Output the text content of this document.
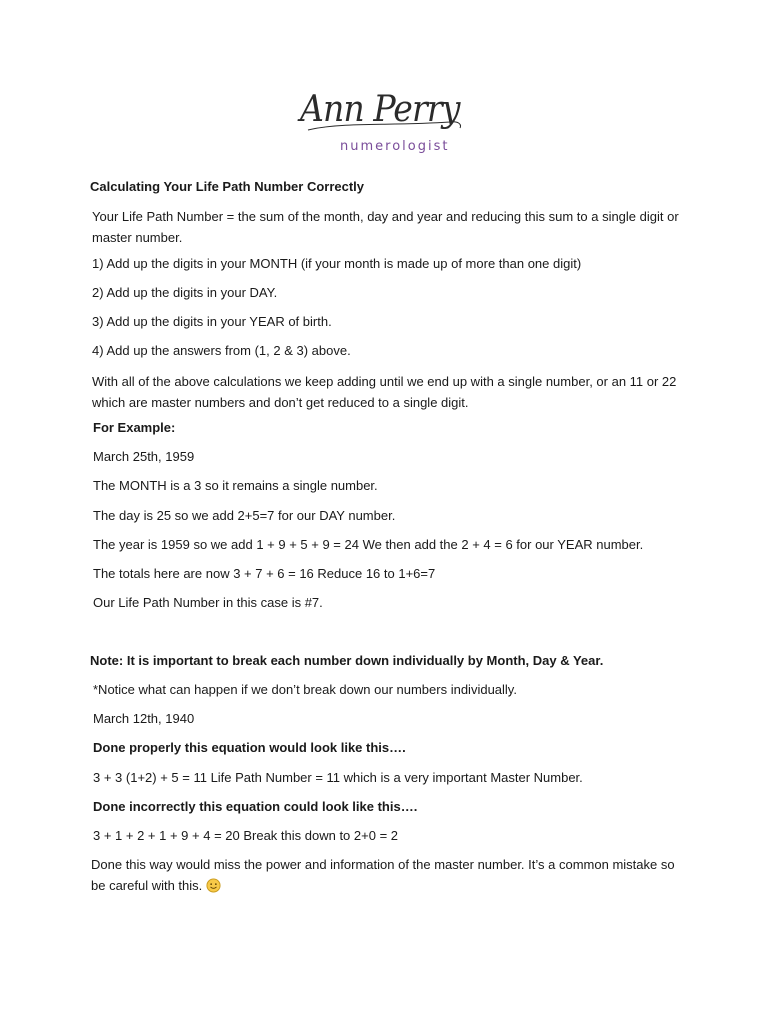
Ann Perry
numerologist
Calculating Your Life Path Number Correctly
Your Life Path Number = the sum of the month, day and year and reducing this sum to a single digit or master number.
1) Add up the digits in your MONTH (if your month is made up of more than one digit)
2) Add up the digits in your DAY.
3) Add up the digits in your YEAR of birth.
4) Add up the answers from (1, 2 & 3) above.
With all of the above calculations we keep adding until we end up with a single number, or an 11 or 22 which are master numbers and don’t get reduced to a single digit.
For Example:
March 25th, 1959
The MONTH is a 3 so it remains a single number.
The day is 25 so we add 2+5=7 for our DAY number.
The year is 1959 so we add 1 + 9 + 5 + 9 = 24 We then add the 2 + 4 = 6 for our YEAR number.
The totals here are now 3 + 7 + 6 = 16 Reduce 16 to 1+6=7
Our Life Path Number in this case is #7.
Note: It is important to break each number down individually by Month, Day & Year.
*Notice what can happen if we don’t break down our numbers individually.
March 12th, 1940
Done properly this equation would look like this….
3 + 3 (1+2) + 5 = 11 Life Path Number = 11 which is a very important Master Number.
Done incorrectly this equation could look like this….
3 + 1 + 2 + 1 + 9 + 4 = 20 Break this down to 2+0 = 2
Done this way would miss the power and information of the master number. It’s a common mistake so be careful with this.
